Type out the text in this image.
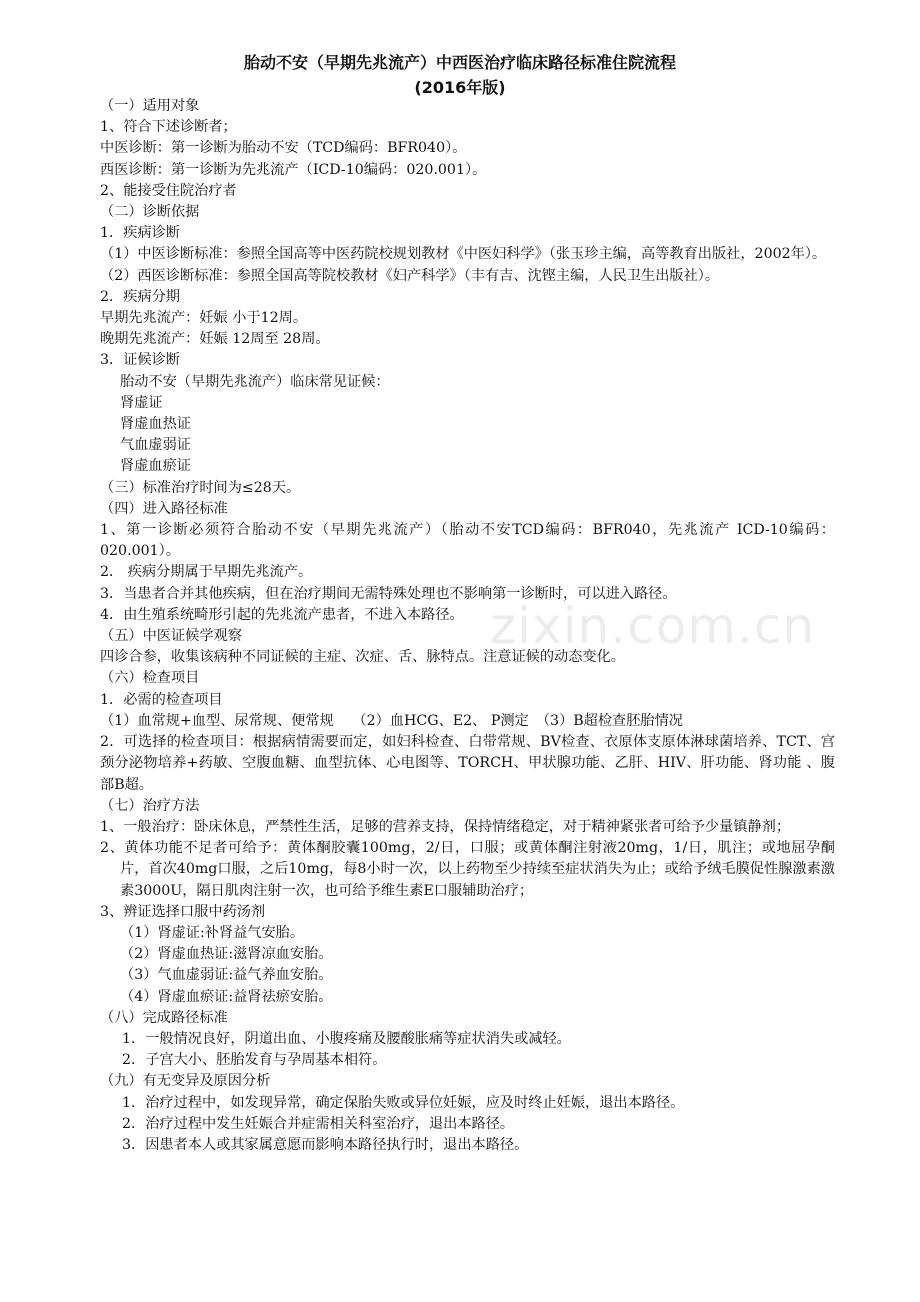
zixin.com.cn
胎动不安（早期先兆流产）中西医治疗临床路径标准住院流程
(2016年版)
（一）适用对象
1、符合下述诊断者；
中医诊断：第一诊断为胎动不安（TCD编码：BFR040）。
西医诊断：第一诊断为先兆流产（ICD-10编码：020.001）。
2、能接受住院治疗者
（二）诊断依据
1．疾病诊断
（1）中医诊断标准：参照全国高等中医药院校规划教材《中医妇科学》（张玉珍主编，高等教育出版社，2002年）。
（2）西医诊断标准：参照全国高等院校教材《妇产科学》（丰有吉、沈铿主编，人民卫生出版社）。
2．疾病分期
早期先兆流产：妊娠 小于12周。
晚期先兆流产：妊娠 12周至 28周。
3．证候诊断
胎动不安（早期先兆流产）临床常见证候：
肾虚证
肾虚血热证
气血虚弱证
肾虚血瘀证
（三）标准治疗时间为≤28天。
（四）进入路径标准
1、第一诊断必须符合胎动不安（早期先兆流产）（胎动不安TCD编码：BFR040，先兆流产 ICD-10编码：020.001）。
2． 疾病分期属于早期先兆流产。
3．当患者合并其他疾病，但在治疗期间无需特殊处理也不影响第一诊断时，可以进入路径。
4．由生殖系统畸形引起的先兆流产患者，不进入本路径。
（五）中医证候学观察
四诊合参，收集该病种不同证候的主症、次症、舌、脉特点。注意证候的动态变化。
（六）检查项目
1．必需的检查项目
（1）血常规+血型、尿常规、便常规　 （2）血HCG、E2、 P测定　（3）B超检查胚胎情况
2．可选择的检查项目：根据病情需要而定，如妇科检查、白带常规、BV检查、衣原体支原体淋球菌培养、TCT、宫颈分泌物培养+药敏、空腹血糖、血型抗体、心电图等、TORCH、甲状腺功能、乙肝、HIV、肝功能、肾功能 、腹部B超。
（七）治疗方法
1、一般治疗：卧床休息，严禁性生活，足够的营养支持，保持情绪稳定，对于精神紧张者可给予少量镇静剂；
2、黄体功能不足者可给予：黄体酮胶囊100mg，2/日，口服；或黄体酮注射液20mg，1/日，肌注；或地屈孕酮片，首次40mg口服，之后10mg，每8小时一次，以上药物至少持续至症状消失为止；或给予绒毛膜促性腺激素激素3000U，隔日肌肉注射一次，也可给予维生素E口服辅助治疗；
3、辨证选择口服中药汤剂
（1）肾虚证:补肾益气安胎。
（2）肾虚血热证:滋肾凉血安胎。
（3）气血虚弱证:益气养血安胎。
（4）肾虚血瘀证:益肾祛瘀安胎。
（八）完成路径标准
1．一般情况良好，阴道出血、小腹疼痛及腰酸胀痛等症状消失或减轻。
2．子宫大小、胚胎发育与孕周基本相符。
（九）有无变异及原因分析
1．治疗过程中，如发现异常，确定保胎失败或异位妊娠，应及时终止妊娠，退出本路径。
2．治疗过程中发生妊娠合并症需相关科室治疗，退出本路径。
3．因患者本人或其家属意愿而影响本路径执行时，退出本路径。
